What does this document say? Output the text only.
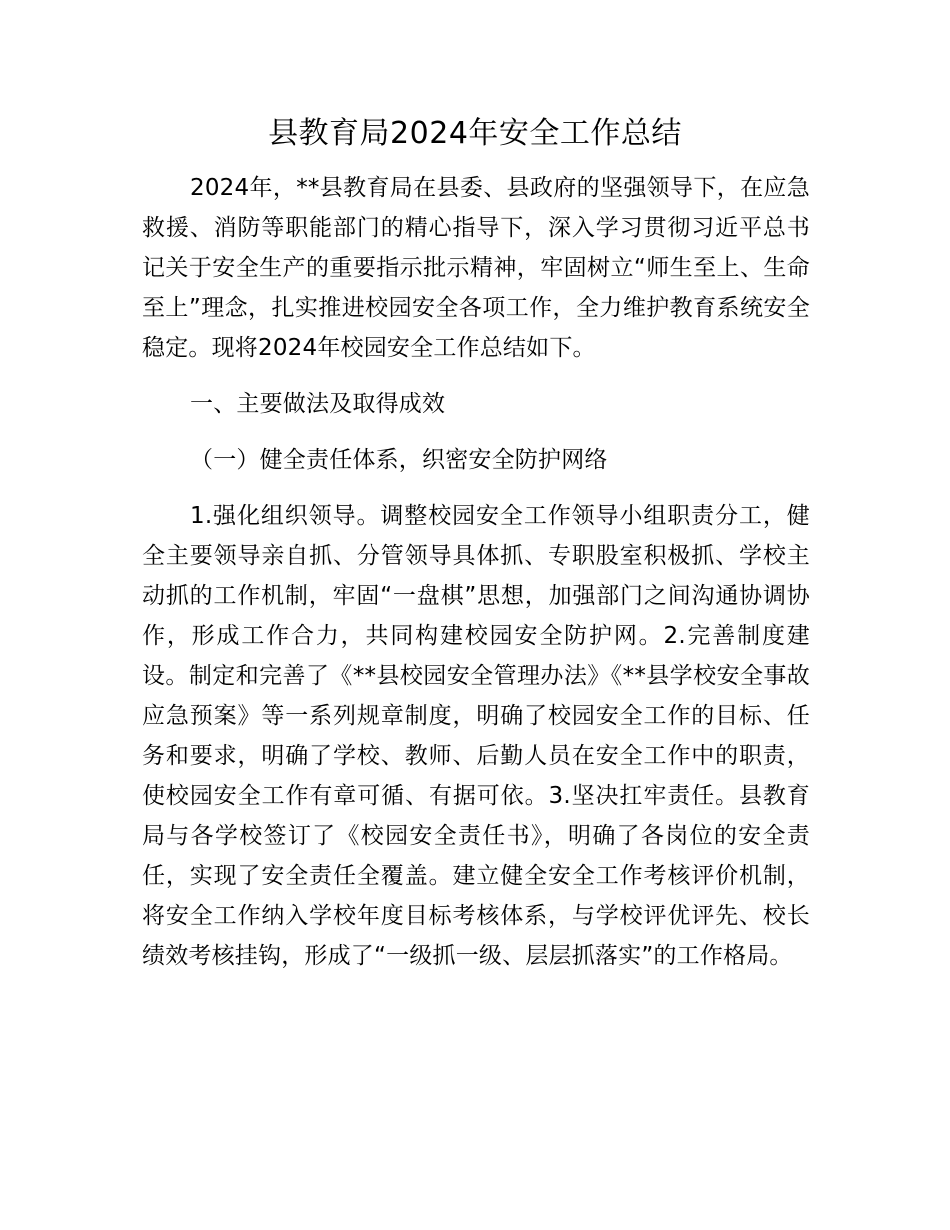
县教育局2024年安全工作总结

2024年，**县教育局在县委、县政府的坚强领导下，在应急救援、消防等职能部门的精心指导下，深入学习贯彻习近平总书记关于安全生产的重要指示批示精神，牢固树立“师生至上、生命至上”理念，扎实推进校园安全各项工作，全力维护教育系统安全稳定。现将2024年校园安全工作总结如下。

一、主要做法及取得成效

（一）健全责任体系，织密安全防护网络

1.强化组织领导。调整校园安全工作领导小组职责分工，健全主要领导亲自抓、分管领导具体抓、专职股室积极抓、学校主动抓的工作机制，牢固“一盘棋”思想，加强部门之间沟通协调协作，形成工作合力，共同构建校园安全防护网。2.完善制度建设。制定和完善了《**县校园安全管理办法》《**县学校安全事故应急预案》等一系列规章制度，明确了校园安全工作的目标、任务和要求，明确了学校、教师、后勤人员在安全工作中的职责，使校园安全工作有章可循、有据可依。3.坚决扛牢责任。县教育局与各学校签订了《校园安全责任书》，明确了各岗位的安全责任，实现了安全责任全覆盖。建立健全安全工作考核评价机制，将安全工作纳入学校年度目标考核体系，与学校评优评先、校长绩效考核挂钩，形成了“一级抓一级、层层抓落实”的工作格局。
